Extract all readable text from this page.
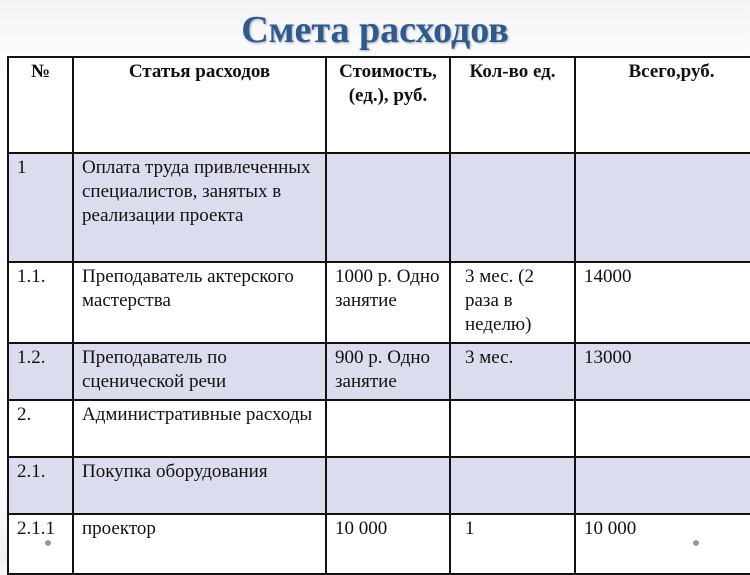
Смета расходов
№	Статья расходов	Стоимость, (ед.), руб.	Кол-во ед.	Всего,руб.
1	Оплата труда привлеченных специалистов, занятых в реализации проекта			
1.1.	Преподаватель актерского мастерства	1000 р. Одно занятие	3 мес. (2 раза в неделю)	14000
1.2.	Преподаватель по сценической речи	900 р. Одно занятие	3 мес.	13000
2.	Административные расходы			
2.1.	Покупка оборудования			
2.1.1	проектор	10 000	1	10 000
